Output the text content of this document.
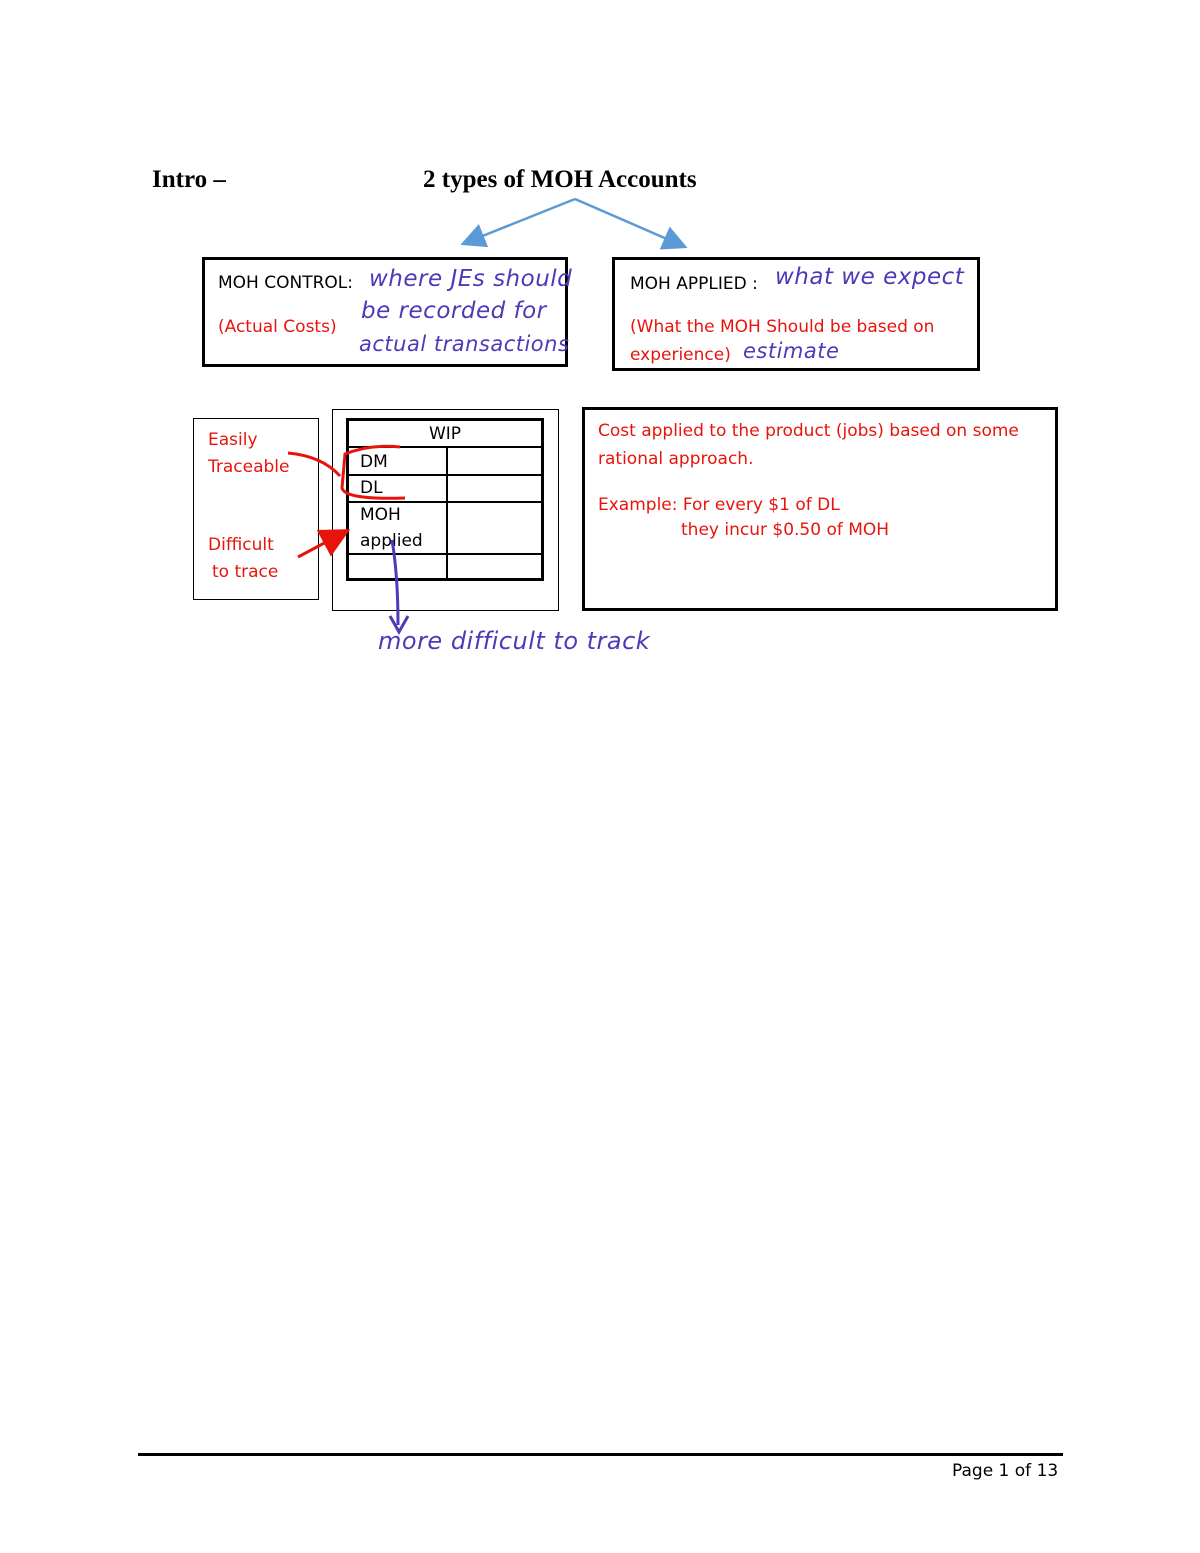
Intro –	2 types of MOH Accounts
MOH CONTROL:
(Actual Costs)
where JEs should
be recorded for
actual transactions
MOH APPLIED : what we expect
(What the MOH Should be based on
experience) estimate
Easily
Traceable
Difficult
to trace
WIP
DM
DL
MOH
applied
Cost applied to the product (jobs) based on some
rational approach.
Example: For every $1 of DL
they incur $0.50 of MOH
more difficult to track
Page 1 of 13
